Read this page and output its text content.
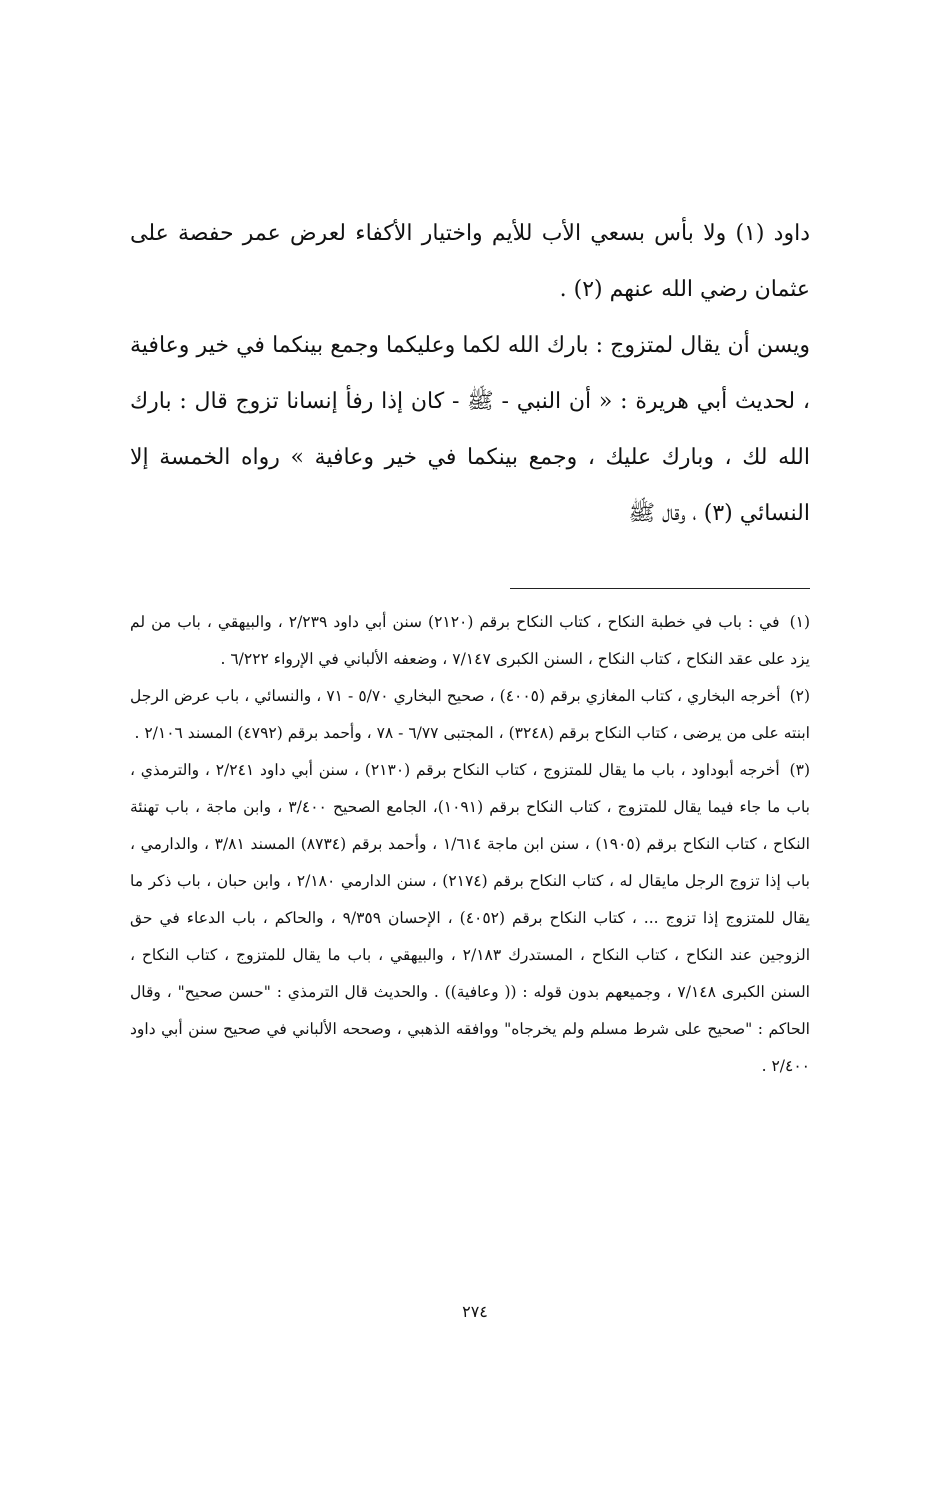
داود (١) ولا بأس بسعي الأب للأيم واختيار الأكفاء لعرض عمر حفصة على عثمان رضي الله عنهم (٢) .

ويسن أن يقال لمتزوج : بارك الله لكما وعليكما وجمع بينكما في خير وعافية ، لحديث أبي هريرة : « أن النبي - ﷺ - كان إذا رفأ إنسانا تزوج قال : بارك الله لك ، وبارك عليك ، وجمع بينكما في خير وعافية » رواه الخمسة إلا النسائي (٣) ، وقال ﷺ

(١) في : باب في خطبة النكاح ، كتاب النكاح برقم (٢١٢٠) سنن أبي داود ٢/٢٣٩ ، والبيهقي ، باب من لم يزد على عقد النكاح ، كتاب النكاح ، السنن الكبرى ٧/١٤٧ ، وضعفه الألباني في الإرواء ٦/٢٢٢ .

(٢) أخرجه البخاري ، كتاب المغازي برقم (٤٠٠٥) ، صحيح البخاري ٥/٧٠ - ٧١ ، والنسائي ، باب عرض الرجل ابنته على من يرضى ، كتاب النكاح برقم (٣٢٤٨) ، المجتبى ٦/٧٧ - ٧٨ ، وأحمد برقم (٤٧٩٢) المسند ٢/١٠٦ .

(٣) أخرجه أبوداود ، باب ما يقال للمتزوج ، كتاب النكاح برقم (٢١٣٠) ، سنن أبي داود ٢/٢٤١ ، والترمذي ، باب ما جاء فيما يقال للمتزوج ، كتاب النكاح برقم (١٠٩١)، الجامع الصحيح ٣/٤٠٠ ، وابن ماجة ، باب تهنئة النكاح ، كتاب النكاح برقم (١٩٠٥) ، سنن ابن ماجة ١/٦١٤ ، وأحمد برقم (٨٧٣٤) المسند ٣/٨١ ، والدارمي ، باب إذا تزوج الرجل مايقال له ، كتاب النكاح برقم (٢١٧٤) ، سنن الدارمي ٢/١٨٠ ، وابن حبان ، باب ذكر ما يقال للمتزوج إذا تزوج ... ، كتاب النكاح برقم (٤٠٥٢) ، الإحسان ٩/٣٥٩ ، والحاكم ، باب الدعاء في حق الزوجين عند النكاح ، كتاب النكاح ، المستدرك ٢/١٨٣ ، والبيهقي ، باب ما يقال للمتزوج ، كتاب النكاح ، السنن الكبرى ٧/١٤٨ ، وجميعهم بدون قوله : (( وعافية)) . والحديث قال الترمذي : "حسن صحيح" ، وقال الحاكم : "صحيح على شرط مسلم ولم يخرجاه" ووافقه الذهبي ، وصححه الألباني في صحيح سنن أبي داود ٢/٤٠٠ .

٢٧٤
